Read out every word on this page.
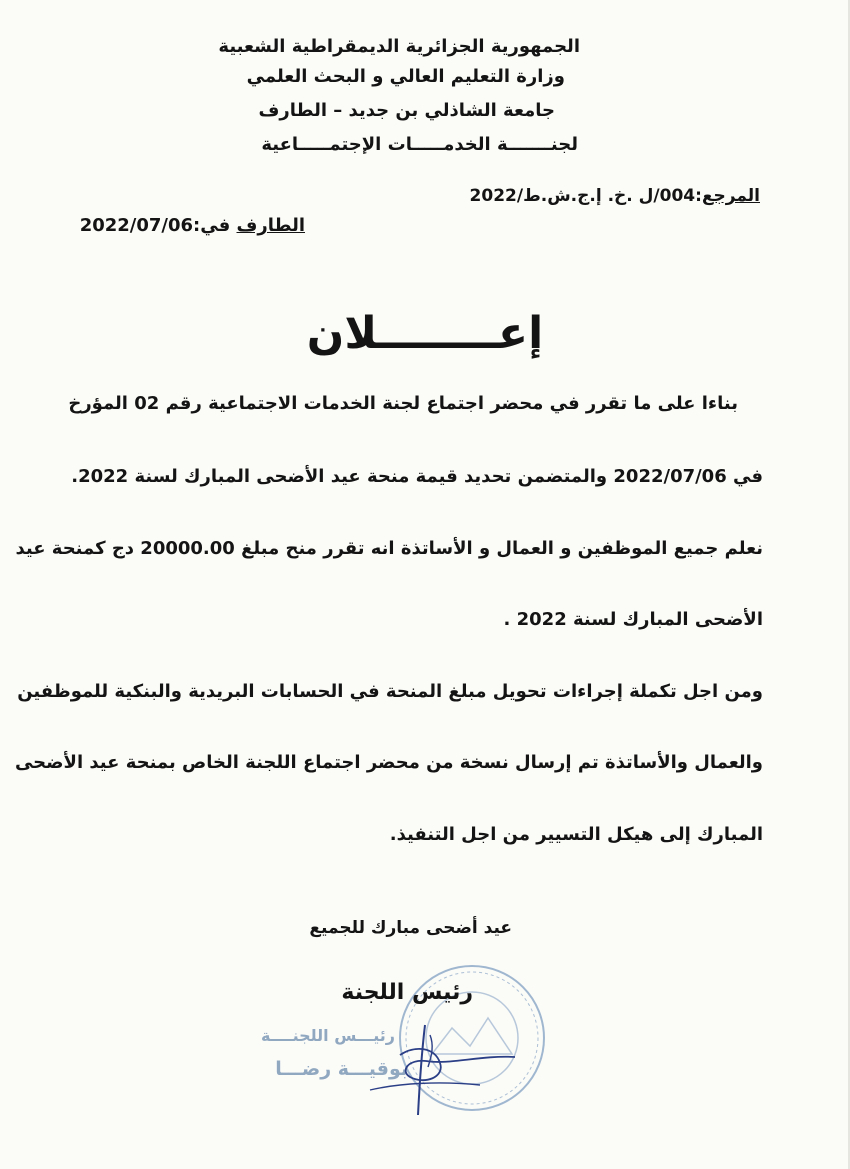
الجمهورية الجزائرية الديمقراطية الشعبية
وزارة التعليم العالي و البحث العلمي
جامعة الشاذلي بن جديد – الطارف
لجنـــــــة الخدمـــــات الإجتمـــــاعية
المرجع:004/ل .خ. إ.ج.ش.ط/2022
الطارف في:2022/07/06
إعــــــــلان
بناءا على ما تقرر في محضر اجتماع لجنة الخدمات الاجتماعية رقم 02 المؤرخ
في 2022/07/06 والمتضمن تحديد قيمة منحة عيد الأضحى المبارك لسنة 2022.
نعلم جميع الموظفين و العمال و الأساتذة انه تقرر منح مبلغ 20000.00 دج كمنحة عيد
الأضحى المبارك لسنة 2022 .
ومن اجل تكملة إجراءات تحويل مبلغ المنحة في الحسابات البريدية والبنكية للموظفين
والعمال والأساتذة تم إرسال نسخة من محضر اجتماع اللجنة الخاص بمنحة عيد الأضحى
المبارك إلى هيكل التسيير من اجل التنفيذ.
عيد أضحى مبارك للجميع
رئيس اللجنة
رئيـــس اللجنــــة
بوقيـــة رضـــا
